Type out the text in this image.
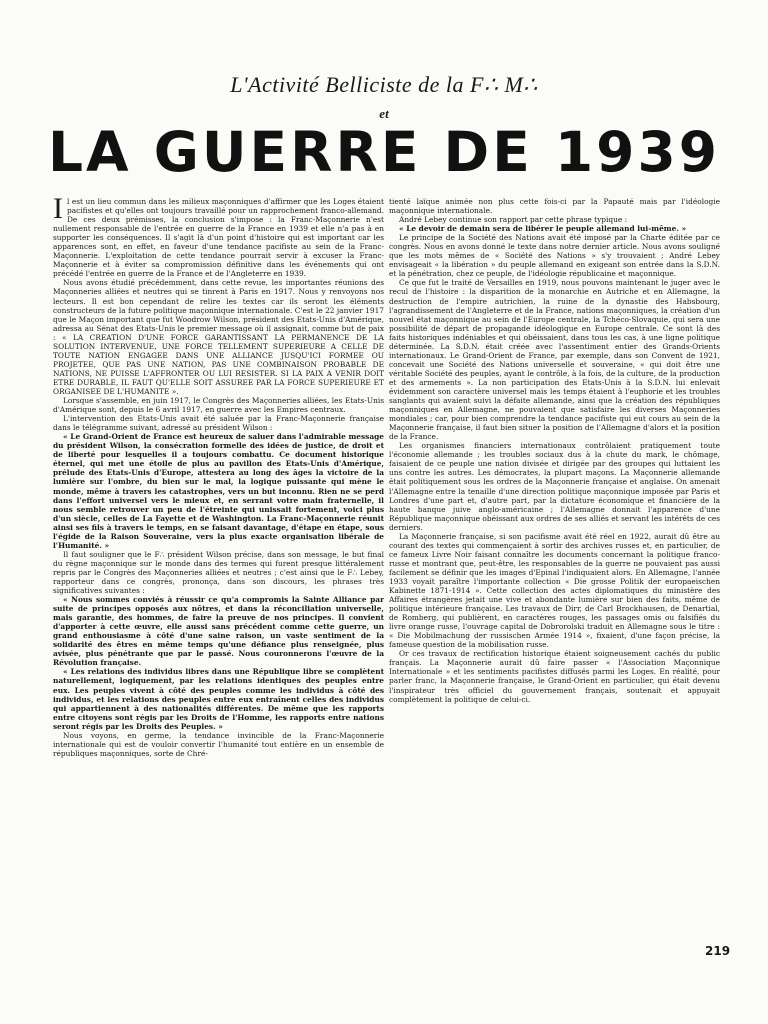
L'Activité Belliciste de la F∴ M∴
et
LA GUERRE DE 1939

Il est un lieu commun dans les milieux maçonniques d'affirmer que les Loges étaient pacifistes et qu'elles ont toujours travaillé pour un rapprochement franco-allemand. De ces deux prémisses, la conclusion s'impose : la Franc-Maçonnerie n'est nullement responsable de l'entrée en guerre de la France en 1939 et elle n'a pas à en supporter les conséquences. Il s'agit là d'un point d'histoire qui est important car les apparences sont, en effet, en faveur d'une tendance pacifiste au sein de la Franc-Maçonnerie. L'exploitation de cette tendance pourrait servir à excuser la Franc-Maçonnerie et à éviter sa compromission définitive dans les événements qui ont précédé l'entrée en guerre de la France et de l'Angleterre en 1939.

Nous avons étudié précédemment, dans cette revue, les importantes réunions des Maçonneries alliées et neutres qui se tinrent à Paris en 1917. Nous y renvoyons nos lecteurs. Il est bon cependant de relire les textes car ils seront les éléments constructeurs de la future politique maçonnique internationale. C'est le 22 janvier 1917 que le Maçon important que fut Woodrow Wilson, président des Etats-Unis d'Amérique, adressa au Sénat des Etats-Unis le premier message où il assignait, comme but de paix : « LA CREATION D'UNE FORCE GARANTISSANT LA PERMANENCE DE LA SOLUTION INTERVENUE, UNE FORCE TELLEMENT SUPERIEURE A CELLE DE TOUTE NATION ENGAGEE DANS UNE ALLIANCE JUSQU'ICI FORMEE OU PROJETEE, QUE PAS UNE NATION, PAS UNE COMBINAISON PROBABLE DE NATIONS, NE PUISSE L'AFFRONTER OU LUI RESISTER. SI LA PAIX A VENIR DOIT ETRE DURABLE, IL FAUT QU'ELLE SOIT ASSUREE PAR LA FORCE SUPERIEURE ET ORGANISEE DE L'HUMANITE ».

Lorsque s'assemble, en juin 1917, le Congrès des Maçonneries alliées, les Etats-Unis d'Amérique sont, depuis le 6 avril 1917, en guerre avec les Empires centraux.

L'intervention des Etats-Unis avait été saluée par la Franc-Maçonnerie française dans le télégramme suivant, adressé au président Wilson :

« Le Grand-Orient de France est heureux de saluer dans l'admirable message du président Wilson, la consécration formelle des idées de justice, de droit et de liberté pour lesquelles il a toujours combattu. Ce document historique éternel, qui met une étoile de plus au pavillon des Etats-Unis d'Amérique, prélude des Etats-Unis d'Europe, attestera au long des âges la victoire de la lumière sur l'ombre, du bien sur le mal, la logique puissante qui mène le monde, même à travers les catastrophes, vers un but inconnu. Rien ne se perd dans l'effort universel vers le mieux et, en serrant votre main fraternelle, il nous semble retrouver un peu de l'étreinte qui unissait fortement, voici plus d'un siècle, celles de La Fayette et de Washington. La Franc-Maçonnerie réunit ainsi ses fils à travers le temps, en se faisant davantage, d'étape en étape, sous l'égide de la Raison Souveraine, vers la plus exacte organisation libérale de l'Humanité. »

Il faut souligner que le F∴ président Wilson précise, dans son message, le but final du règne maçonnique sur le monde dans des termes qui furent presque littéralement repris par le Congrès des Maçonneries alliées et neutres ; c'est ainsi que le F∴ Lebey, rapporteur dans ce congrès, prononça, dans son discours, les phrases très significatives suivantes :

« Nous sommes conviés à réussir ce qu'a compromis la Sainte Alliance par suite de principes opposés aux nôtres, et dans la réconciliation universelle, mais garantie, des hommes, de faire la preuve de nos principes. Il convient d'apporter à cette œuvre, elle aussi sans précédent comme cette guerre, un grand enthousiasme à côté d'une saine raison, un vaste sentiment de la solidarité des êtres en même temps qu'une défiance plus renseignée, plus avisée, plus pénétrante que par le passé. Nous couronnerons l'œuvre de la Révolution française.

« Les relations des individus libres dans une République libre se complètent naturellement, logiquement, par les relations identiques des peuples entre eux. Les peuples vivent à côté des peuples comme les individus à côté des individus, et les relations des peuples entre eux entraînent celles des individus qui appartiennent à des nationalités différentes. De même que les rapports entre citoyens sont régis par les Droits de l'Homme, les rapports entre nations seront régis par les Droits des Peuples. »

Nous voyons, en germe, la tendance invincible de la Franc-Maçonnerie internationale qui est de vouloir convertir l'humanité tout entière en un ensemble de républiques maçonniques, sorte de Chré-

tienté laïque animée non plus cette fois-ci par la Papauté mais par l'idéologie maçonnique internationale.

André Lebey continue son rapport par cette phrase typique :

« Le devoir de demain sera de libérer le peuple allemand lui-même. »

Le principe de la Société des Nations avait été imposé par la Charte éditée par ce congrès. Nous en avons donné le texte dans notre dernier article. Nous avons souligné que les mots mêmes de « Société des Nations » s'y trouvaient ; André Lebey envisageait « la libération » du peuple allemand en exigeant son entrée dans la S.D.N. et la pénétration, chez ce peuple, de l'idéologie républicaine et maçonnique.

Ce que fut le traité de Versailles en 1919, nous pouvons maintenant le juger avec le recul de l'histoire : la disparition de la monarchie en Autriche et en Allemagne, la destruction de l'empire autrichien, la ruine de la dynastie des Habsbourg, l'agrandissement de l'Angleterre et de la France, nations maçonniques, la création d'un nouvel état maçonnique au sein de l'Europe centrale, la Tchéco-Slovaquie, qui sera une possibilité de départ de propagande idéologique en Europe centrale. Ce sont là des faits historiques indéniables et qui obéissaient, dans tous les cas, à une ligne politique déterminée. La S.D.N. était créée avec l'assentiment entier des Grands-Orients internationaux. Le Grand-Orient de France, par exemple, dans son Convent de 1921, concevait une Société des Nations universelle et souveraine, « qui doit être une véritable Société des peuples, ayant le contrôle, à la fois, de la culture, de la production et des armements ». La non participation des Etats-Unis à la S.D.N. lui enlevait évidemment son caractère universel mais les temps étaient à l'euphorie et les troubles sanglants qui avaient suivi la défaite allemande, ainsi que la création des républiques maçonniques en Allemagne, ne pouvaient que satisfaire les diverses Maçonneries mondiales ; car, pour bien comprendre la tendance pacifiste qui eut cours au sein de la Maçonnerie française, il faut bien situer la position de l'Allemagne d'alors et la position de la France.

Les organismes financiers internationaux contrôlaient pratiquement toute l'économie allemande ; les troubles sociaux dus à la chute du mark, le chômage, faisaient de ce peuple une nation divisée et dirigée par des groupes qui luttaient les uns contre les autres. Les démocrates, la plupart maçons. La Maçonnerie allemande était politiquement sous les ordres de la Maçonnerie française et anglaise. On amenait l'Allemagne entre la tenaille d'une direction politique maçonnique imposée par Paris et Londres d'une part et, d'autre part, par la dictature économique et financière de la haute banque juive anglo-américaine ; l'Allemagne donnait l'apparence d'une République maçonnique obéissant aux ordres de ses alliés et servant les intérêts de ces derniers.

La Maçonnerie française, si son pacifisme avait été réel en 1922, aurait dû être au courant des textes qui commençaient à sortir des archives russes et, en particulier, de ce fameux Livre Noir faisant connaître les documents concernant la politique franco-russe et montrant que, peut-être, les responsables de la guerre ne pouvaient pas aussi facilement se définir que les images d'Epinal l'indiquaient alors. En Allemagne, l'année 1933 voyait paraître l'importante collection « Die grosse Politik der europaeischen Kabinette 1871-1914 ». Cette collection des actes diplomatiques du ministère des Affaires étrangères jetait une vive et abondante lumière sur bien des faits, même de politique intérieure française. Les travaux de Dirr, de Carl Brockhausen, de Denartial, de Romberg, qui publièrent, en caractères rouges, les passages omis ou falsifiés du livre orange russe, l'ouvrage capital de Dobrorolski traduit en Allemagne sous le titre : « Die Mobilmachung der russischen Armée 1914 », fixaient, d'une façon précise, la fameuse question de la mobilisation russe.

Or ces travaux de rectification historique étaient soigneusement cachés du public français. La Maçonnerie aurait dû faire passer « l'Association Maçonnique Internationale » et les sentiments pacifistes diffusés parmi les Loges. En réalité, pour parler franc, la Maçonnerie française, le Grand-Orient en particulier, qui était devenu l'inspirateur très officiel du gouvernement français, soutenait et appuyait complètement la politique de celui-ci.

219
